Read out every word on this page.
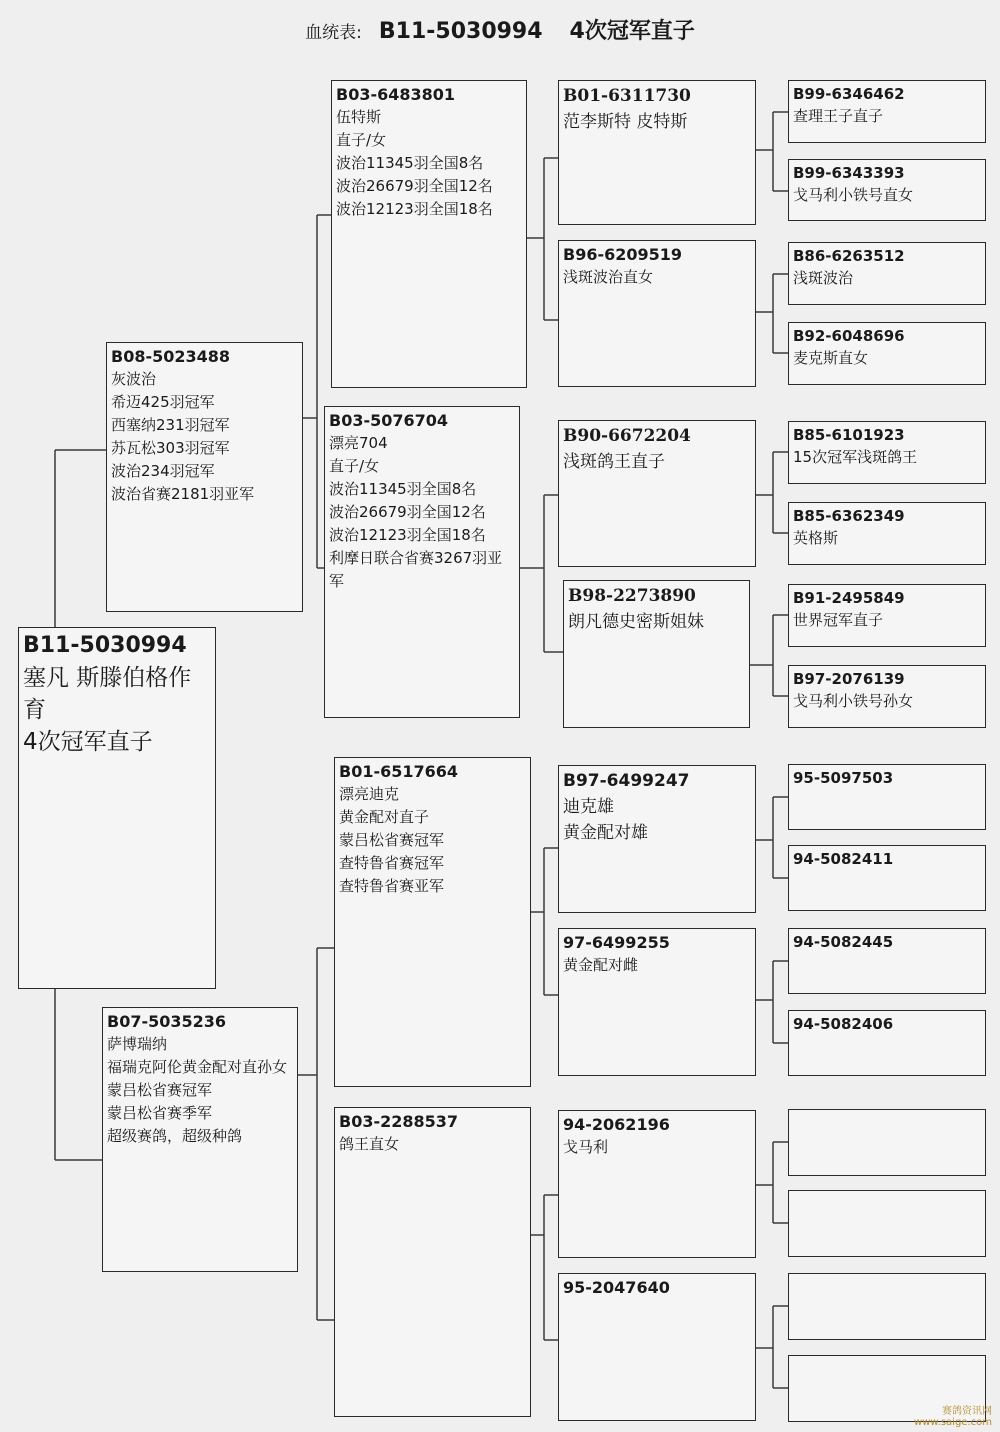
血统表: B11-5030994 4次冠军直子
B11-5030994
塞凡 斯滕伯格作育
4次冠军直子
B08-5023488
灰波治
希迈425羽冠军
西塞纳231羽冠军
苏瓦松303羽冠军
波治234羽冠军
波治省赛2181羽亚军
B07-5035236
萨博瑞纳
福瑞克阿伦黄金配对直孙女
蒙吕松省赛冠军
蒙吕松省赛季军
超级赛鸽，超级种鸽
B03-6483801
伍特斯
直子/女
波治11345羽全国8名
波治26679羽全国12名
波治12123羽全国18名
B03-5076704
漂亮704
直子/女
波治11345羽全国8名
波治26679羽全国12名
波治12123羽全国18名
利摩日联合省赛3267羽亚军
B01-6517664
漂亮迪克
黄金配对直子
蒙吕松省赛冠军
查特鲁省赛冠军
查特鲁省赛亚军
B03-2288537
鸽王直女
B01-6311730
范李斯特 皮特斯
B96-6209519
浅斑波治直女
B90-6672204
浅斑鸽王直子
B98-2273890
朗凡德史密斯姐妹
B97-6499247
迪克雄
黄金配对雄
97-6499255
黄金配对雌
94-2062196
戈马利
95-2047640
B99-6346462
查理王子直子
B99-6343393
戈马利小铁号直女
B86-6263512
浅斑波治
B92-6048696
麦克斯直女
B85-6101923
15次冠军浅斑鸽王
B85-6362349
英格斯
B91-2495849
世界冠军直子
B97-2076139
戈马利小铁号孙女
95-5097503
94-5082411
94-5082445
94-5082406
赛鸽资讯网
www.saige.com
